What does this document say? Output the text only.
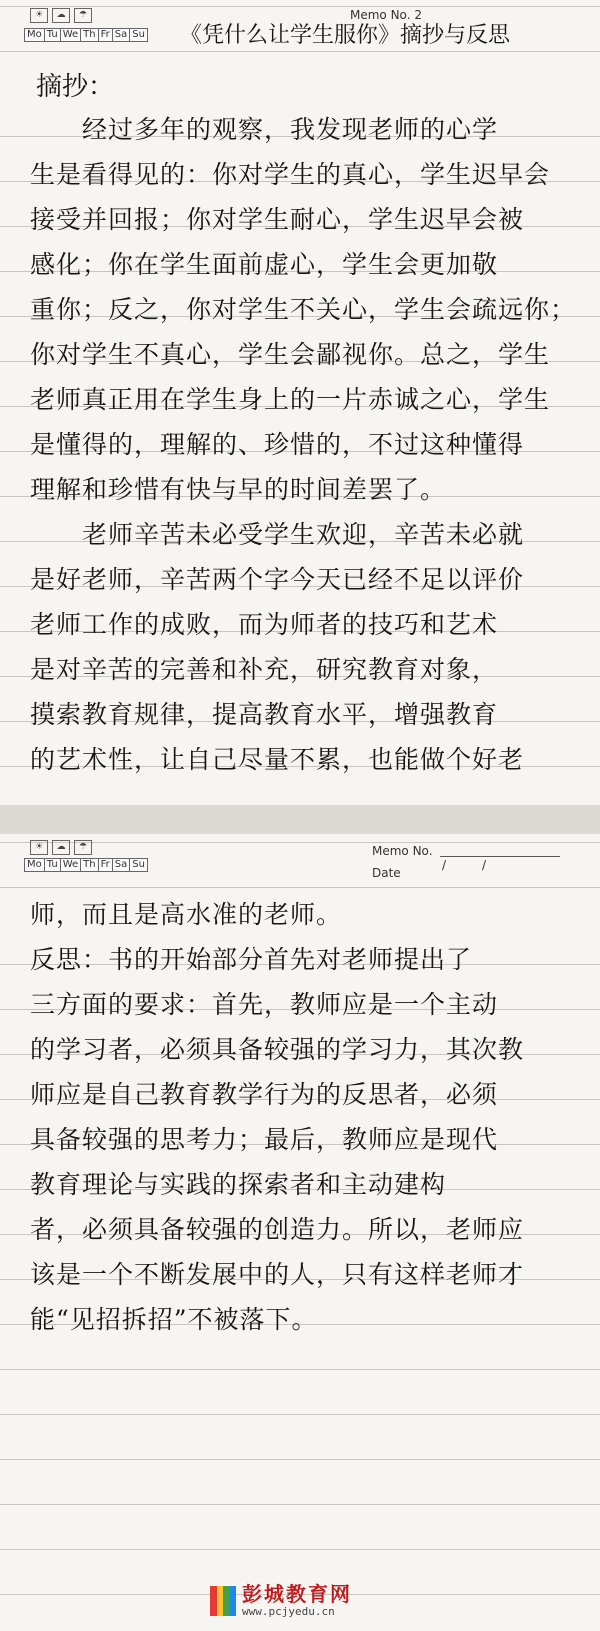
☀	☁	☂
Mo Tu We Th Fr Sa Su
Memo No. 2
《凭什么让学生服你》摘抄与反思
摘抄：
　　经过多年的观察，我发现老师的心学
生是看得见的：你对学生的真心，学生迟早会
接受并回报；你对学生耐心，学生迟早会被
感化；你在学生面前虚心，学生会更加敬
重你；反之，你对学生不关心，学生会疏远你；
你对学生不真心，学生会鄙视你。总之，学生
老师真正用在学生身上的一片赤诚之心，学生
是懂得的，理解的、珍惜的，不过这种懂得
理解和珍惜有快与早的时间差罢了。
　　老师辛苦未必受学生欢迎，辛苦未必就
是好老师，辛苦两个字今天已经不足以评价
老师工作的成败，而为师者的技巧和艺术
是对辛苦的完善和补充，研究教育对象，
摸索教育规律，提高教育水平，增强教育
的艺术性，让自己尽量不累，也能做个好老
☀	☁	☂
Mo Tu We Th Fr Sa Su
Memo No.
Date
/　　　/
师，而且是高水准的老师。
反思：书的开始部分首先对老师提出了
三方面的要求：首先，教师应是一个主动
的学习者，必须具备较强的学习力，其次教
师应是自己教育教学行为的反思者，必须
具备较强的思考力；最后，教师应是现代
教育理论与实践的探索者和主动建构
者，必须具备较强的创造力。所以，老师应
该是一个不断发展中的人，只有这样老师才
能“见招拆招”不被落下。
彭城教育网
www.pcjyedu.cn
